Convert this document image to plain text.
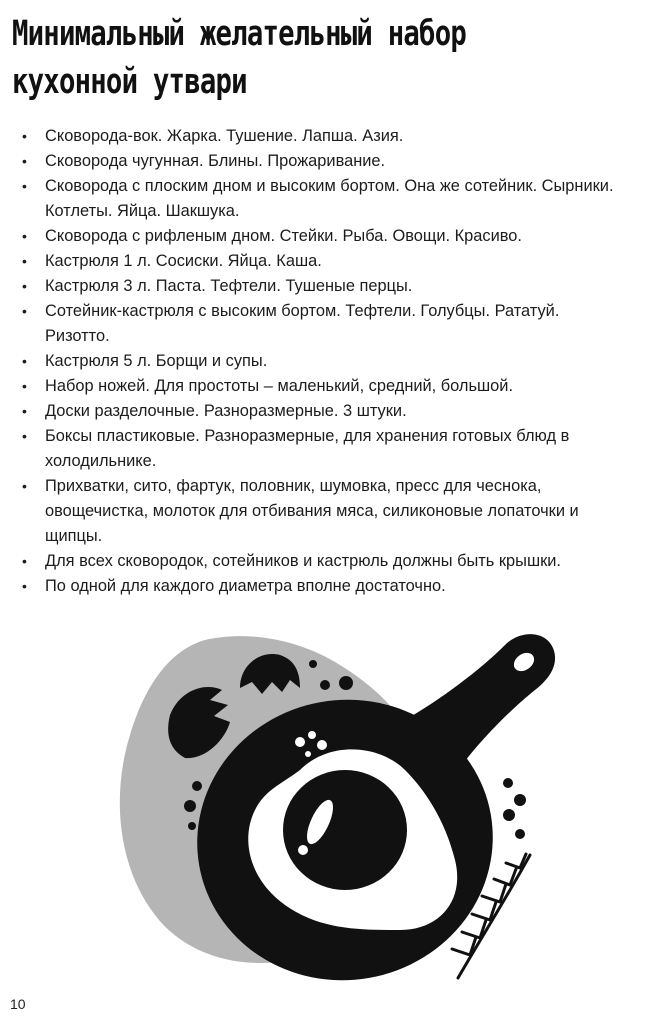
Минимальный желательный набор
кухонной утвари
• Сковорода-вок. Жарка. Тушение. Лапша. Азия.
• Сковорода чугунная. Блины. Прожаривание.
• Сковорода с плоским дном и высоким бортом. Она же сотейник. Сырники. Котлеты. Яйца. Шакшука.
• Сковорода с рифленым дном. Стейки. Рыба. Овощи. Красиво.
• Кастрюля 1 л. Сосиски. Яйца. Каша.
• Кастрюля 3 л. Паста. Тефтели. Тушеные перцы.
• Сотейник-кастрюля с высоким бортом. Тефтели. Голубцы. Рататуй. Ризотто.
• Кастрюля 5 л. Борщи и супы.
• Набор ножей. Для простоты – маленький, средний, большой.
• Доски разделочные. Разноразмерные. 3 штуки.
• Боксы пластиковые. Разноразмерные, для хранения готовых блюд в холодильнике.
• Прихватки, сито, фартук, половник, шумовка, пресс для чеснока, овощечистка, молоток для отбивания мяса, силиконовые лопаточки и щипцы.
• Для всех сковородок, сотейников и кастрюль должны быть крышки.
• По одной для каждого диаметра вполне достаточно.
10
